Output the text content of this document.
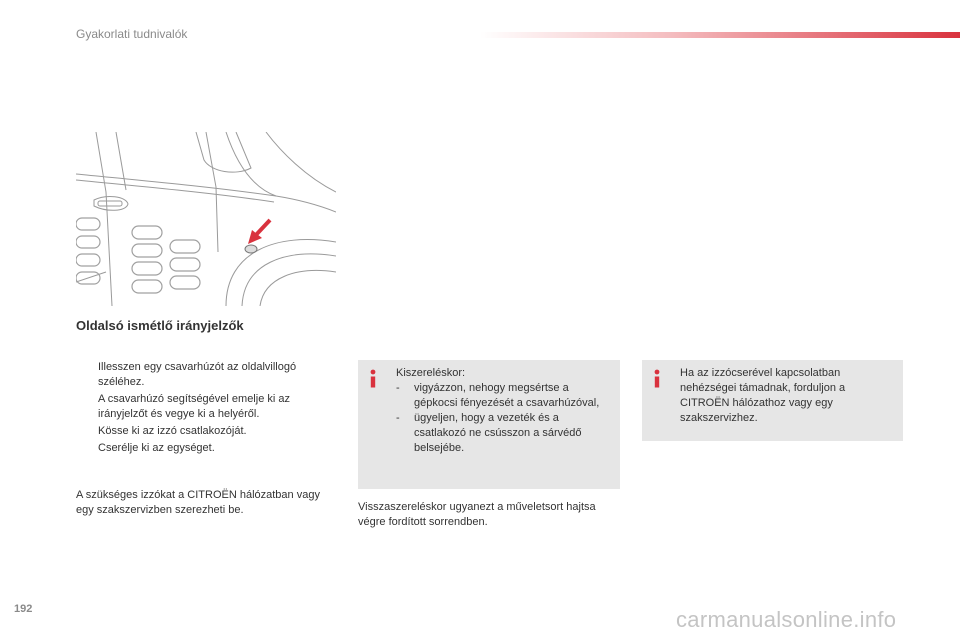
Gyakorlati tudnivalók
Oldalsó ismétlő irányjelzők
Illesszen egy csavarhúzót az oldalvillogó széléhez.
A csavarhúzó segítségével emelje ki az irányjelzőt és vegye ki a helyéről.
Kösse ki az izzó csatlakozóját.
Cserélje ki az egységet.
A szükséges izzókat a CITROËN hálózatban vagy egy szakszervizben szerezheti be.
Kiszereléskor:
-	vigyázzon, nehogy megsértse a gépkocsi fényezését a csavarhúzóval,
-	ügyeljen, hogy a vezeték és a csatlakozó ne csússzon a sárvédő belsejébe.
Visszaszereléskor ugyanezt a műveletsort hajtsa végre fordított sorrendben.
Ha az izzócserével kapcsolatban nehézségei támadnak, forduljon a CITROËN hálózathoz vagy egy szakszervizhez.
192	carmanualsonline.info
